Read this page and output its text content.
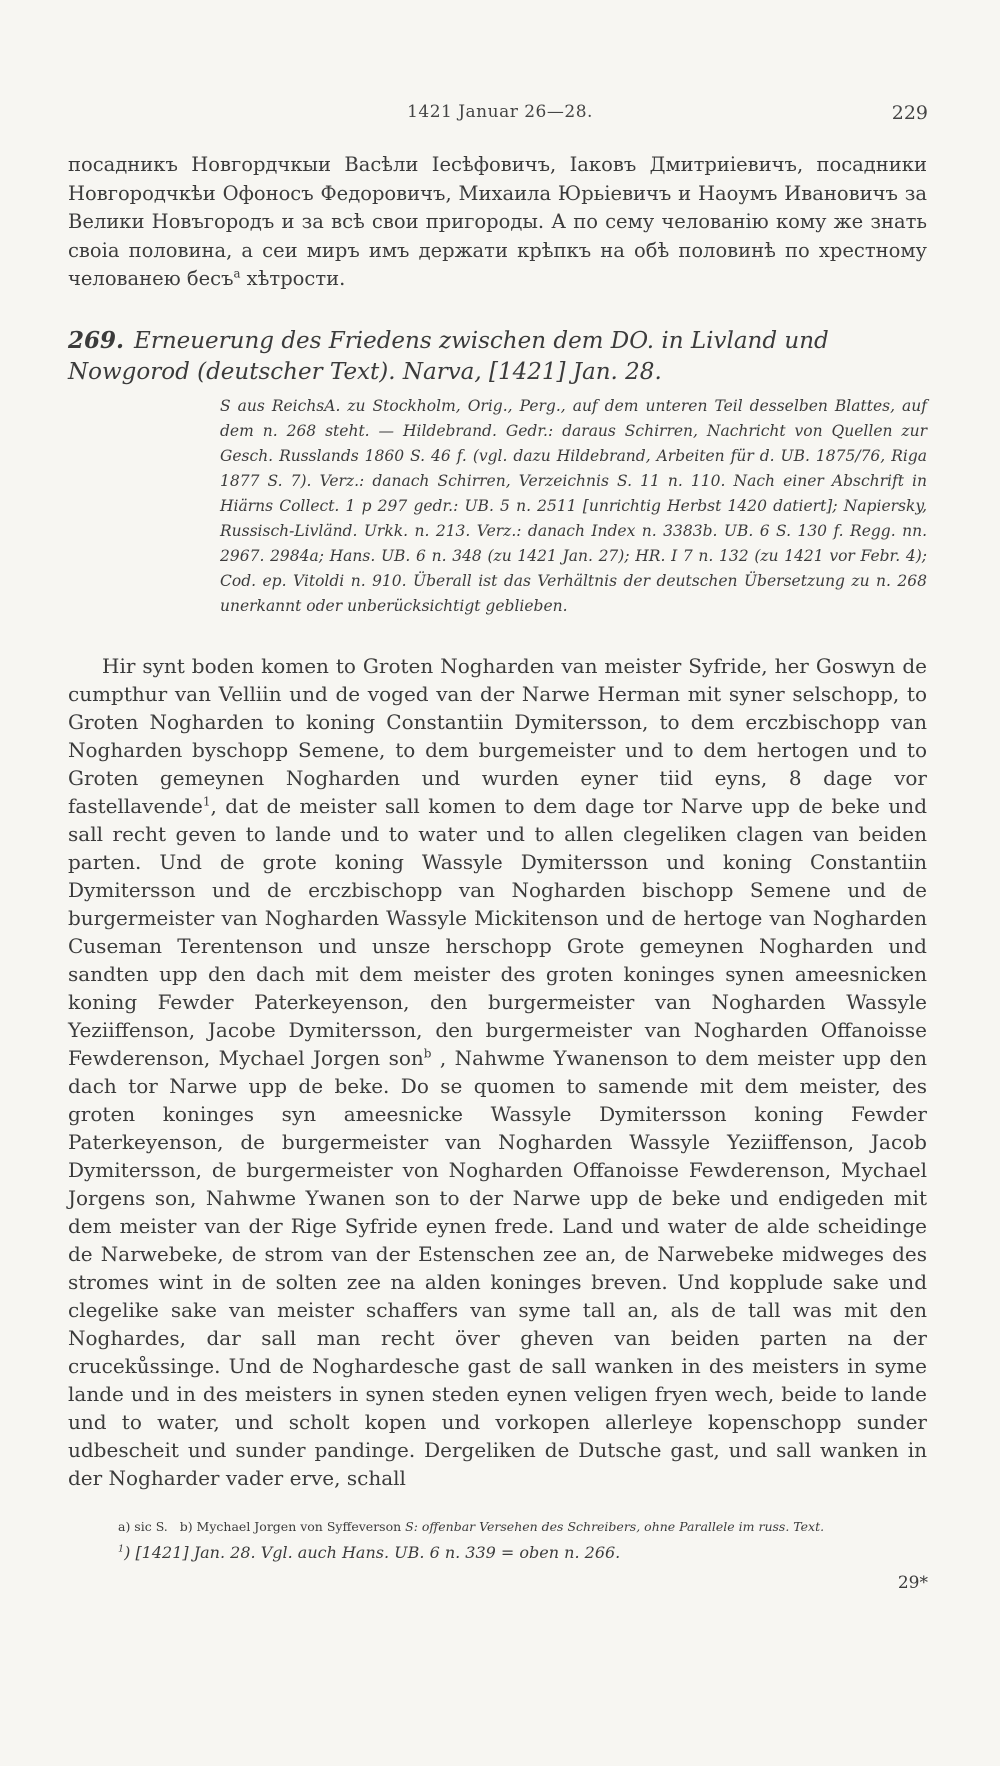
1421 Januar 26—28.	229
посадникъ Новгордчкыи Васѣли Іесѣфовичъ, Іаковъ Дмитриіевичъ, посадники Новгородчкѣи Офоносъ Федоровичъ, Михаила Юрьіевичъ и Наоумъ Ивановичъ за Велики Новъгородъ и за всѣ свои пригороды. А по сему челованію кому же знать своіа половина, а сеи миръ имъ держати крѣпкъ на обѣ половинѣ по хрестному челованею бесъ$^a$ хѣтрости.
269. Erneuerung des Friedens zwischen dem DO. in Livland und Nowgorod (deutscher Text). Narva, [1421] Jan. 28.
S aus ReichsA. zu Stockholm, Orig., Perg., auf dem unteren Teil desselben Blattes, auf dem n. 268 steht. — Hildebrand. Gedr.: daraus Schirren, Nachricht von Quellen zur Gesch. Russlands 1860 S. 46 f. (vgl. dazu Hildebrand, Arbeiten für d. UB. 1875/76, Riga 1877 S. 7). Verz.: danach Schirren, Verzeichnis S. 11 n. 110. Nach einer Abschrift in Hiärns Collect. 1 p 297 gedr.: UB. 5 n. 2511 [unrichtig Herbst 1420 datiert]; Napiersky, Russisch-Livländ. Urkk. n. 213. Verz.: danach Index n. 3383b. UB. 6 S. 130 f. Regg. nn. 2967. 2984a; Hans. UB. 6 n. 348 (zu 1421 Jan. 27); HR. I 7 n. 132 (zu 1421 vor Febr. 4); Cod. ep. Vitoldi n. 910. Überall ist das Verhältnis der deutschen Übersetzung zu n. 268 unerkannt oder unberücksichtigt geblieben.
Hir synt boden komen to Groten Nogharden van meister Syfride, her Goswyn de cumpthur van Velliin und de voged van der Narwe Herman mit syner selschopp, to Groten Nogharden to koning Constantiin Dymitersson, to dem erczbischopp van Nogharden byschopp Semene, to dem burgemeister und to dem hertogen und to Groten gemeynen Nogharden und wurden eyner tiid eyns, 8 dage vor fastellavende$^1$, dat de meister sall komen to dem dage tor Narve upp de beke und sall recht geven to lande und to water und to allen clegeliken clagen van beiden parten. Und de grote koning Wassyle Dymitersson und koning Constantiin Dymitersson und de erczbischopp van Nogharden bischopp Semene und de burgermeister van Nogharden Wassyle Mickitenson und de hertoge van Nogharden Cuseman Terentenson und unsze herschopp Grote gemeynen Nogharden und sandten upp den dach mit dem meister des groten koninges synen ameesnicken koning Fewder Paterkeyenson, den burgermeister van Nogharden Wassyle Yeziiffenson, Jacobe Dymitersson, den burgermeister van Nogharden Offanoisse Fewderenson, Mychael Jorgen son$^b$ , Nahwme Ywanenson to dem meister upp den dach tor Narwe upp de beke. Do se quomen to samende mit dem meister, des groten koninges syn ameesnicke Wassyle Dymitersson koning Fewder Paterkeyenson, de burgermeister van Nogharden Wassyle Yeziiffenson, Jacob Dymitersson, de burgermeister von Nogharden Offanoisse Fewderenson, Mychael Jorgens son, Nahwme Ywanen son to der Narwe upp de beke und endigeden mit dem meister van der Rige Syfride eynen frede. Land und water de alde scheidinge de Narwebeke, de strom van der Estenschen zee an, de Narwebeke midweges des stromes wint in de solten zee na alden koninges breven. Und kopplude sake und clegelike sake van meister schaffers van syme tall an, als de tall was mit den Noghardes, dar sall man recht över gheven van beiden parten na der crucekůssinge. Und de Noghardesche gast de sall wanken in des meisters in syme lande und in des meisters in synen steden eynen veligen fryen wech, beide to lande und to water, und scholt kopen und vorkopen allerleye kopenschopp sunder udbescheit und sunder pandinge. Dergeliken de Dutsche gast, und sall wanken in der Nogharder vader erve, schall
a) sic S. b) Mychael Jorgen von Syffeverson S: offenbar Versehen des Schreibers, ohne Parallele im russ. Text.
$^1$) [1421] Jan. 28. Vgl. auch Hans. UB. 6 n. 339 = oben n. 266.
29*
